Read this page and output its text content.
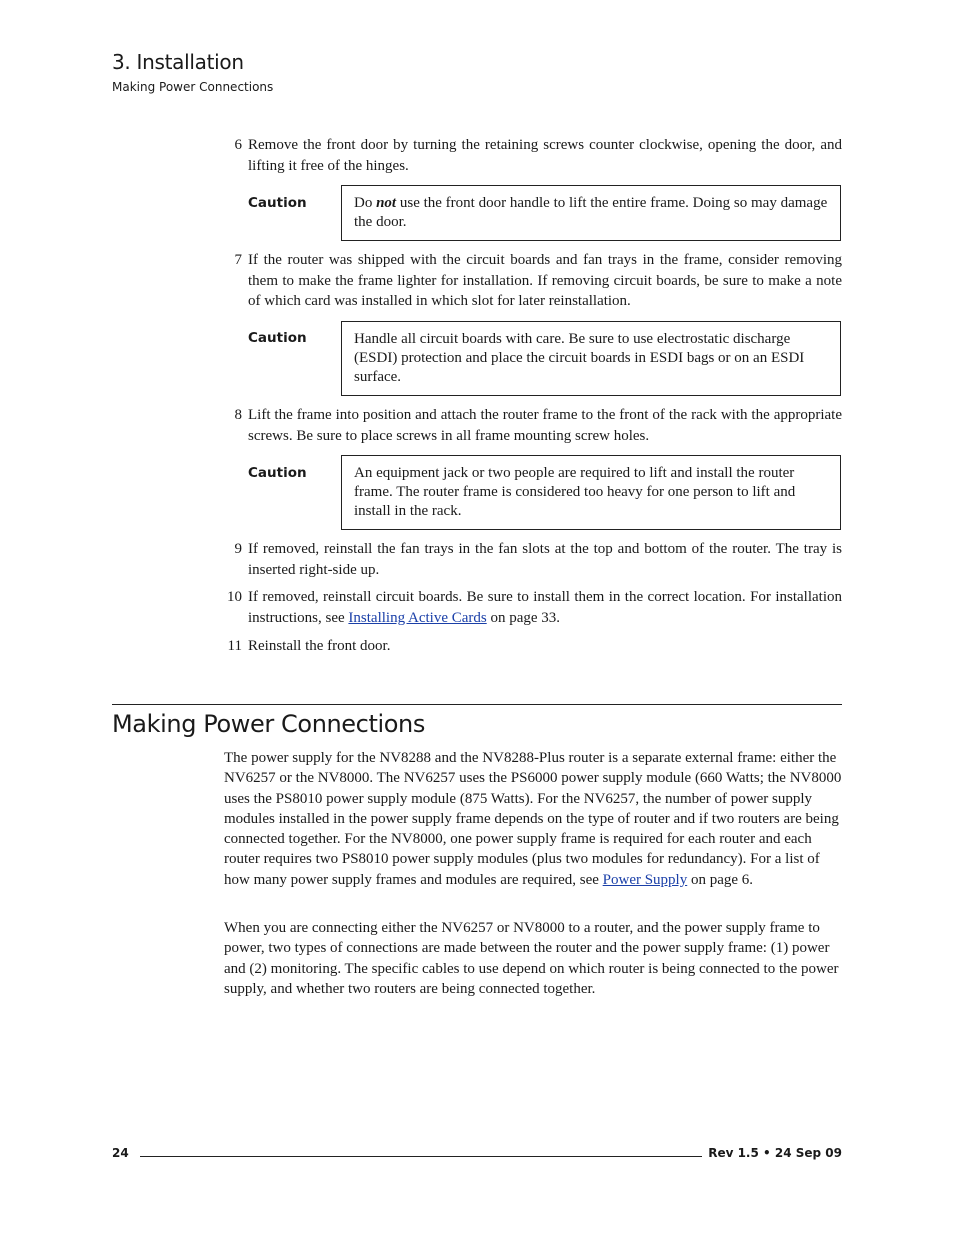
3. Installation
Making Power Connections
6 Remove the front door by turning the retaining screws counter clockwise, opening the door, and lifting it free of the hinges.
Caution	Do not use the front door handle to lift the entire frame. Doing so may damage the door.
7 If the router was shipped with the circuit boards and fan trays in the frame, consider removing them to make the frame lighter for installation. If removing circuit boards, be sure to make a note of which card was installed in which slot for later reinstallation.
Caution	Handle all circuit boards with care. Be sure to use electrostatic discharge (ESDI) protection and place the circuit boards in ESDI bags or on an ESDI surface.
8 Lift the frame into position and attach the router frame to the front of the rack with the appropriate screws. Be sure to place screws in all frame mounting screw holes.
Caution	An equipment jack or two people are required to lift and install the router frame. The router frame is considered too heavy for one person to lift and install in the rack.
9 If removed, reinstall the fan trays in the fan slots at the top and bottom of the router. The tray is inserted right-side up.
10 If removed, reinstall circuit boards. Be sure to install them in the correct location. For installation instructions, see Installing Active Cards on page 33.
11 Reinstall the front door.
Making Power Connections
The power supply for the NV8288 and the NV8288-Plus router is a separate external frame: either the NV6257 or the NV8000. The NV6257 uses the PS6000 power supply module (660 Watts; the NV8000 uses the PS8010 power supply module (875 Watts). For the NV6257, the number of power supply modules installed in the power supply frame depends on the type of router and if two routers are being connected together. For the NV8000, one power supply frame is required for each router and each router requires two PS8010 power supply modules (plus two modules for redundancy). For a list of how many power supply frames and modules are required, see Power Supply on page 6.
When you are connecting either the NV6257 or NV8000 to a router, and the power supply frame to power, two types of connections are made between the router and the power supply frame: (1) power and (2) monitoring. The specific cables to use depend on which router is being connected to the power supply, and whether two routers are being connected together.
24	Rev 1.5 • 24 Sep 09
